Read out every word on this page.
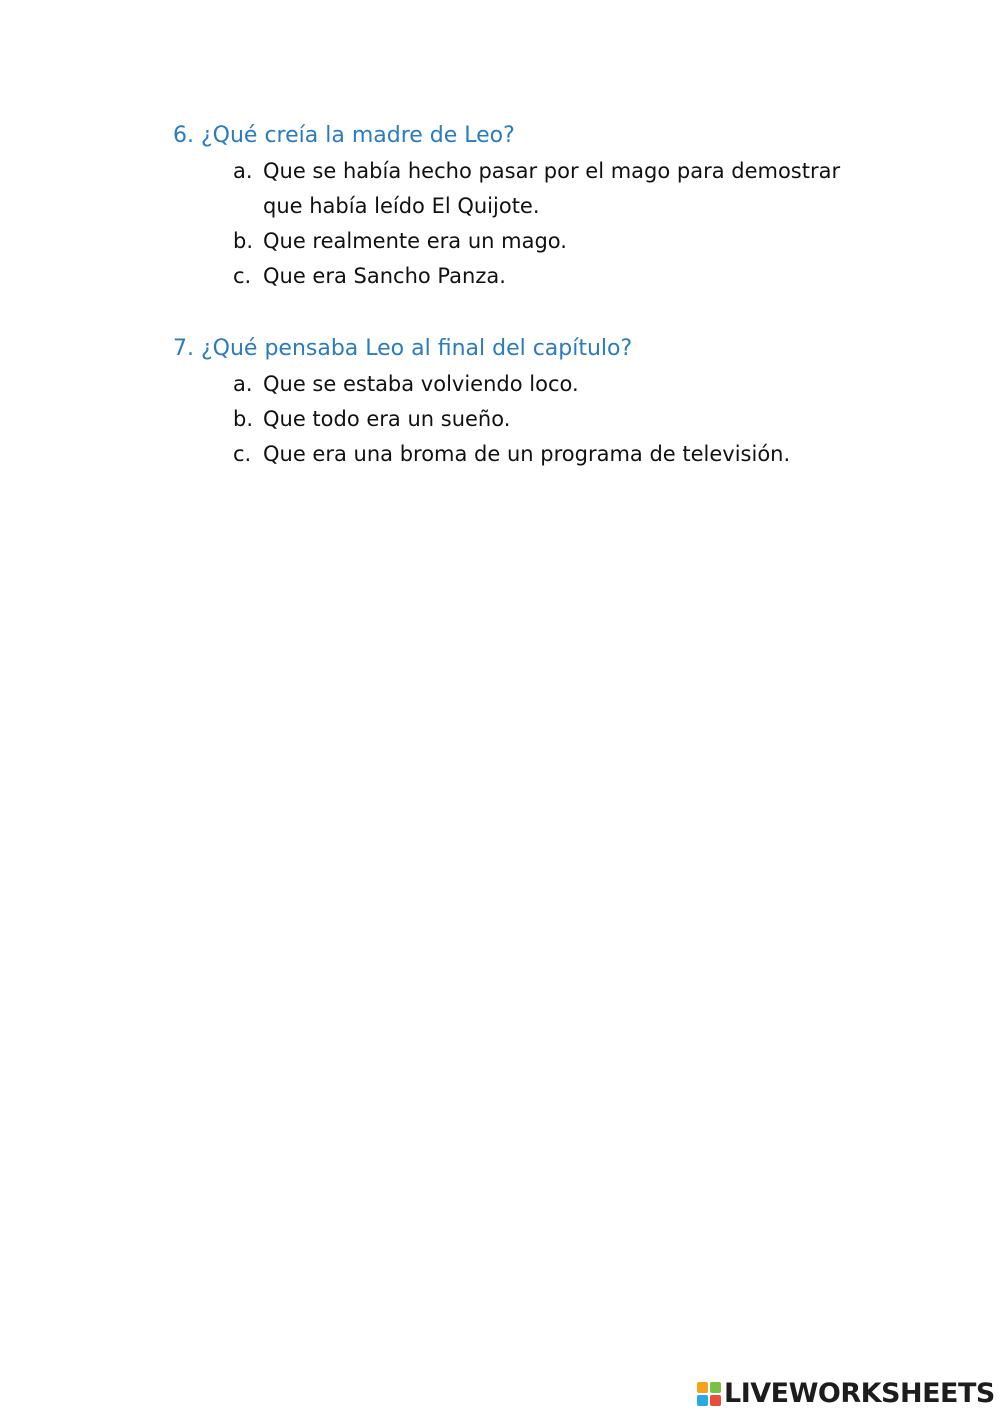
6. ¿Qué creía la madre de Leo?
a. Que se había hecho pasar por el mago para demostrar que había leído El Quijote.
b. Que realmente era un mago.
c. Que era Sancho Panza.
7. ¿Qué pensaba Leo al final del capítulo?
a. Que se estaba volviendo loco.
b. Que todo era un sueño.
c. Que era una broma de un programa de televisión.
LIVEWORKSHEETS
